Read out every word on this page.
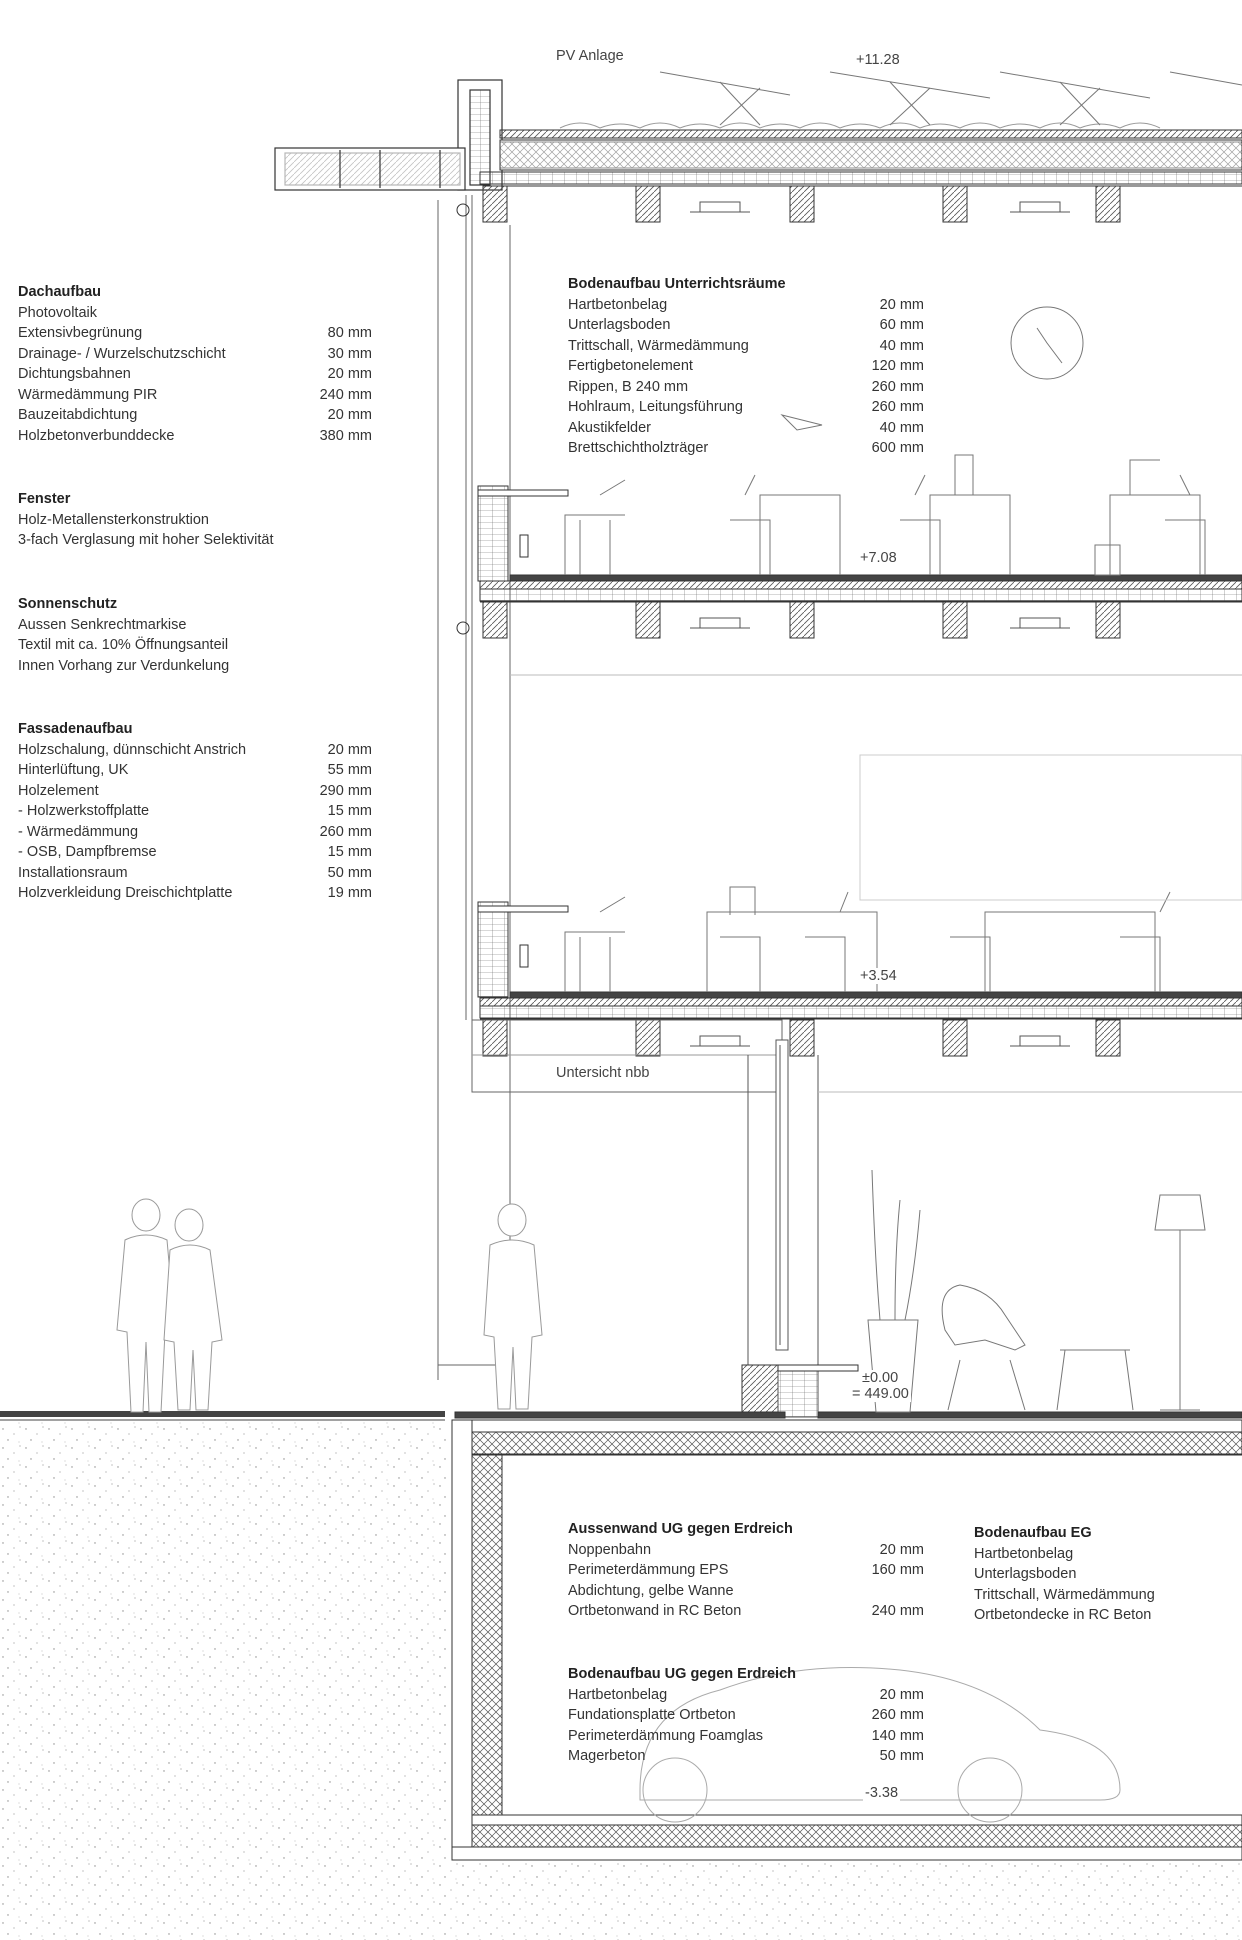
PV Anlage	+11.28
+7.08
+3.54
Untersicht nbb
±0.00
= 449.00
-3.38
Dachaufbau
Photovoltaik
Extensivbegrünung	80 mm
Drainage- / Wurzelschutzschicht	30 mm
Dichtungsbahnen	20 mm
Wärmedämmung PIR	240 mm
Bauzeitabdichtung	20 mm
Holzbetonverbunddecke	380 mm
Fenster
Holz-Metallensterkonstruktion
3-fach Verglasung mit hoher Selektivität
Sonnenschutz
Aussen Senkrechtmarkise
Textil mit ca. 10% Öffnungsanteil
Innen Vorhang zur Verdunkelung
Fassadenaufbau
Holzschalung, dünnschicht Anstrich	20 mm
Hinterlüftung, UK	55 mm
Holzelement	290 mm
- Holzwerkstoffplatte	15 mm
- Wärmedämmung	260 mm
- OSB, Dampfbremse	15 mm
Installationsraum	50 mm
Holzverkleidung Dreischichtplatte	19 mm
Bodenaufbau Unterrichtsräume
Hartbetonbelag	20 mm
Unterlagsboden	60 mm
Trittschall, Wärmedämmung	40 mm
Fertigbetonelement	120 mm
Rippen, B 240 mm	260 mm
Hohlraum, Leitungsführung	260 mm
Akustikfelder	40 mm
Brettschichtholzträger	600 mm
Aussenwand UG gegen Erdreich
Noppenbahn	20 mm
Perimeterdämmung EPS	160 mm
Abdichtung, gelbe Wanne
Ortbetonwand in RC Beton	240 mm
Bodenaufbau UG gegen Erdreich
Hartbetonbelag	20 mm
Fundationsplatte Ortbeton	260 mm
Perimeterdämmung Foamglas	140 mm
Magerbeton	50 mm
Bodenaufbau EG
Hartbetonbelag
Unterlagsboden
Trittschall, Wärmedämmung
Ortbetondecke in RC Beton
